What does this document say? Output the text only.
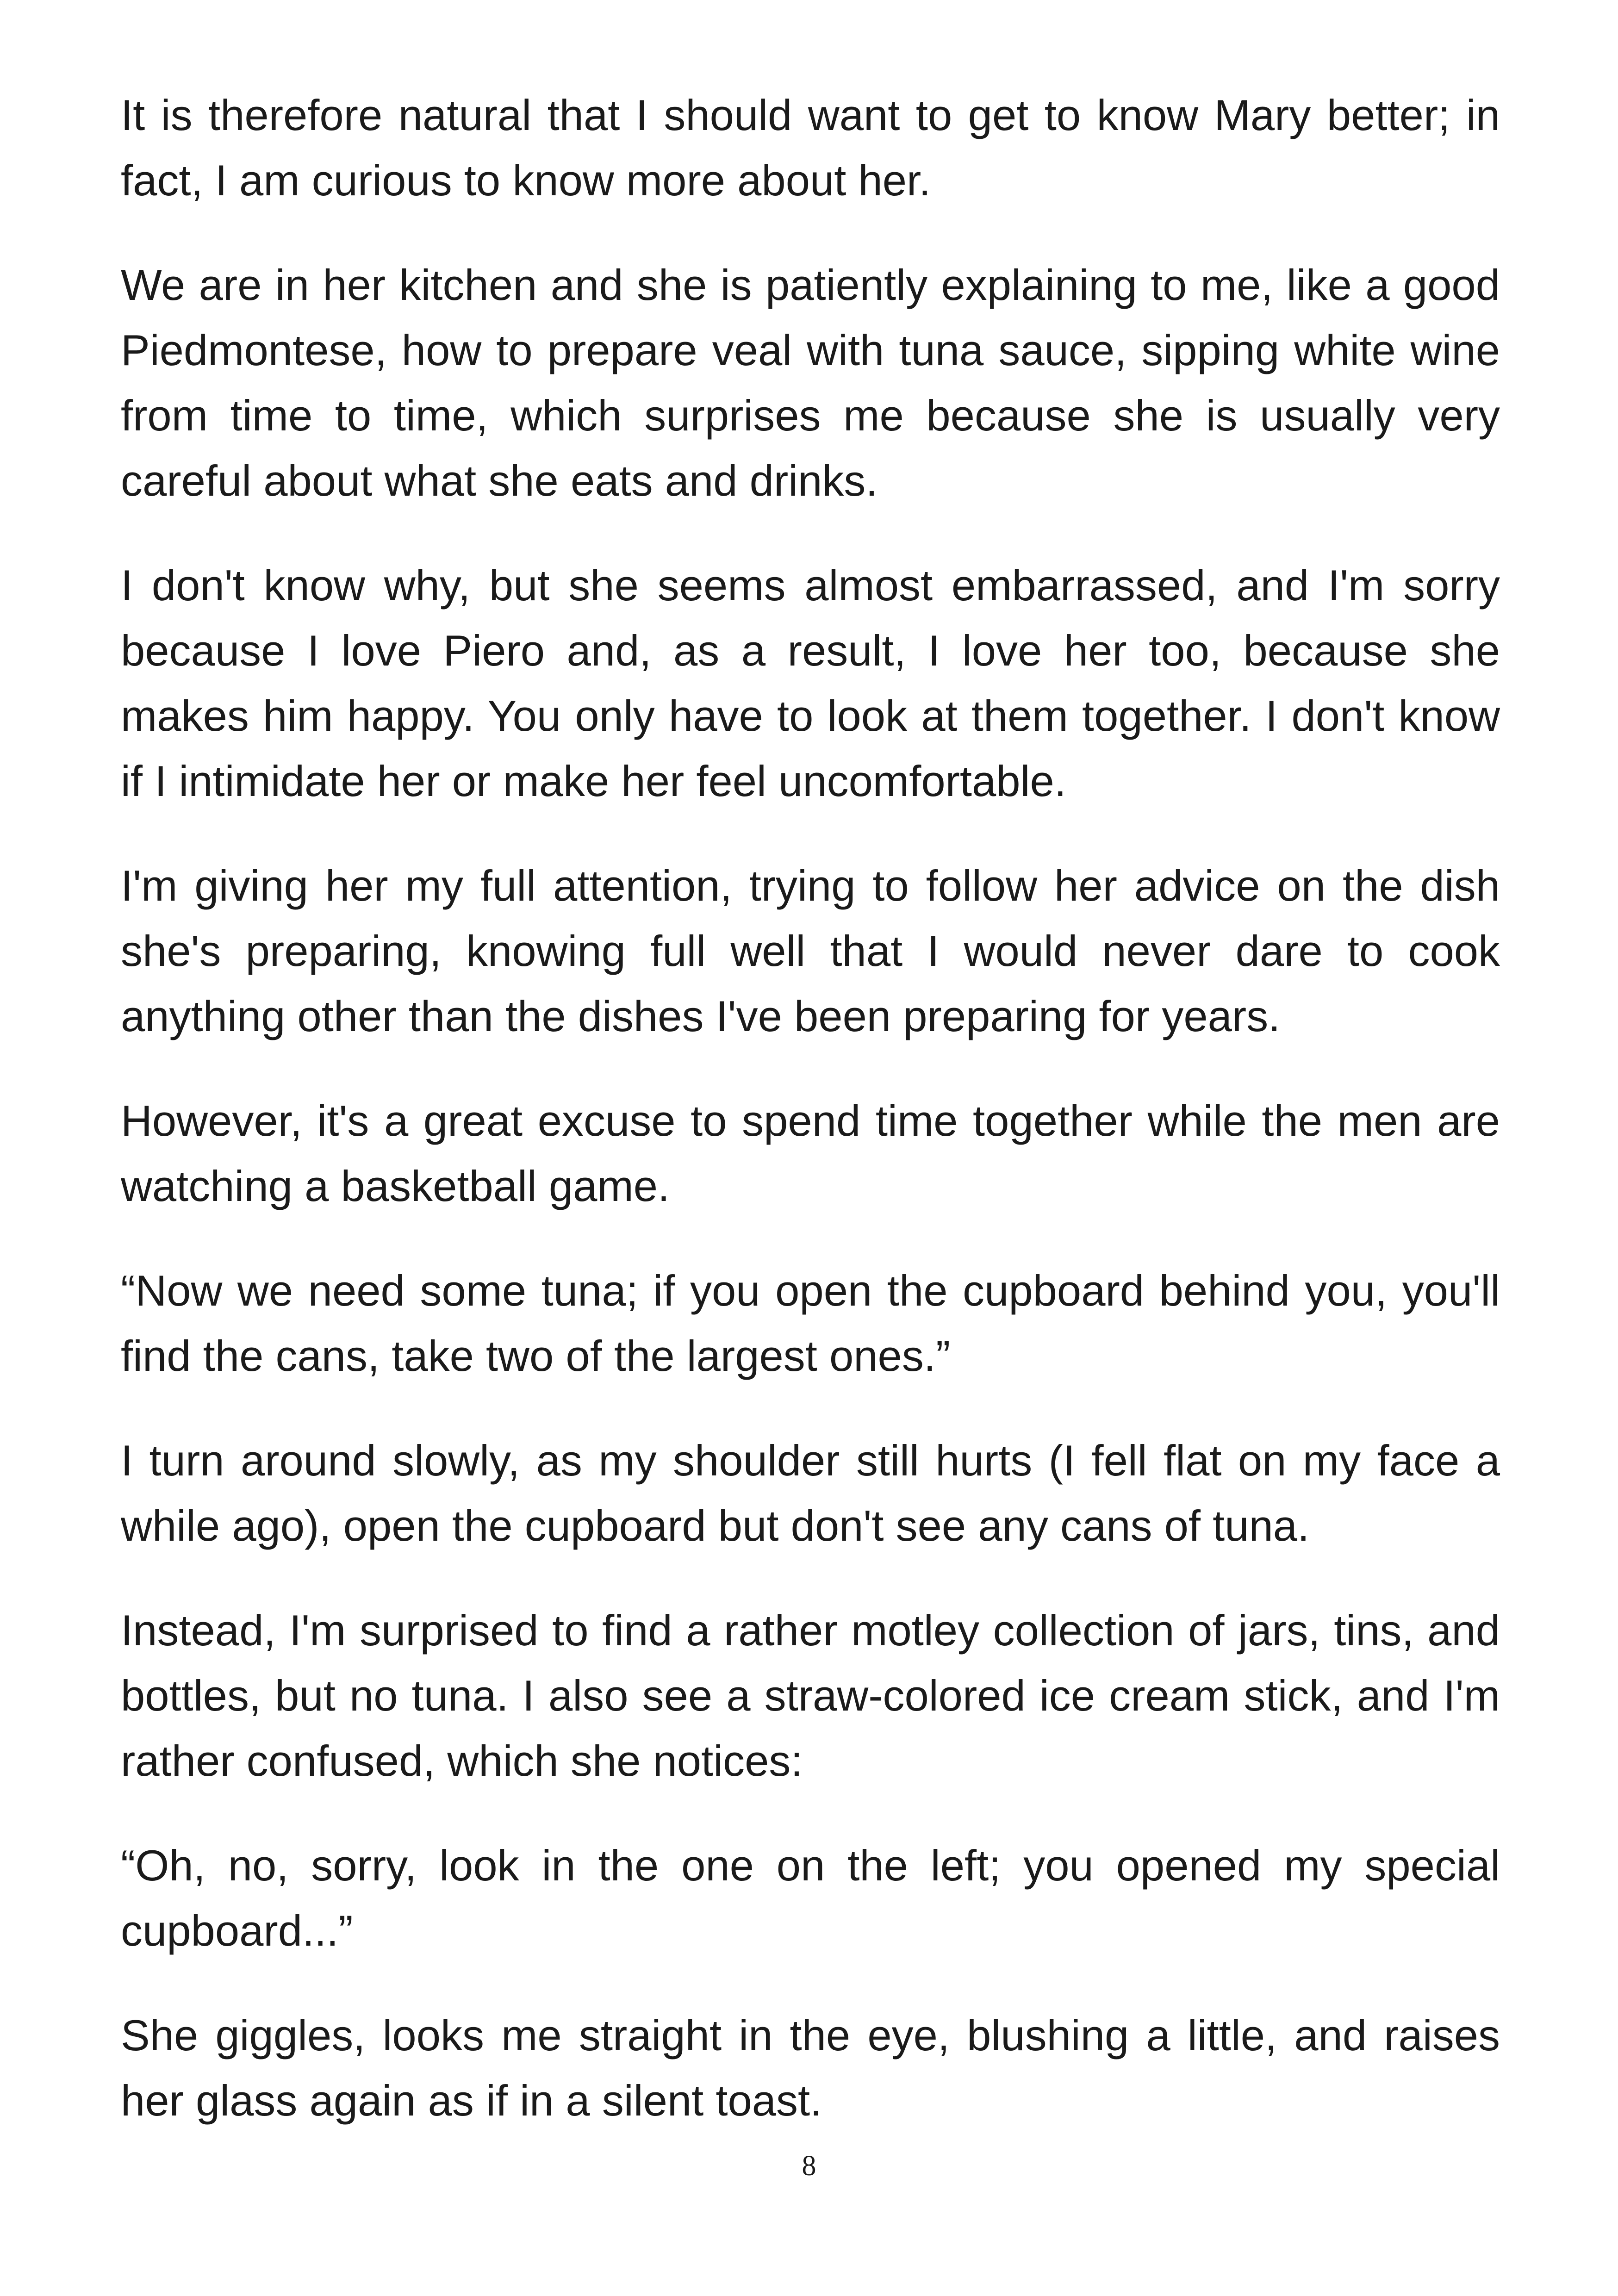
It is therefore natural that I should want to get to know Mary better; in fact, I am curious to know more about her.

We are in her kitchen and she is patiently explaining to me, like a good Piedmontese, how to prepare veal with tuna sauce, sipping white wine from time to time, which surprises me because she is usually very careful about what she eats and drinks.

I don't know why, but she seems almost embarrassed, and I'm sorry because I love Piero and, as a result, I love her too, because she makes him happy. You only have to look at them together. I don't know if I intimidate her or make her feel uncomfortable.

I'm giving her my full attention, trying to follow her advice on the dish she's preparing, knowing full well that I would never dare to cook anything other than the dishes I've been preparing for years.

However, it's a great excuse to spend time together while the men are watching a basketball game.

“Now we need some tuna; if you open the cupboard behind you, you'll find the cans, take two of the largest ones.”

I turn around slowly, as my shoulder still hurts (I fell flat on my face a while ago), open the cupboard but don't see any cans of tuna.

Instead, I'm surprised to find a rather motley collection of jars, tins, and bottles, but no tuna. I also see a straw-colored ice cream stick, and I'm rather confused, which she notices:

“Oh, no, sorry, look in the one on the left; you opened my special cupboard...”

She giggles, looks me straight in the eye, blushing a little, and raises her glass again as if in a silent toast.

8
